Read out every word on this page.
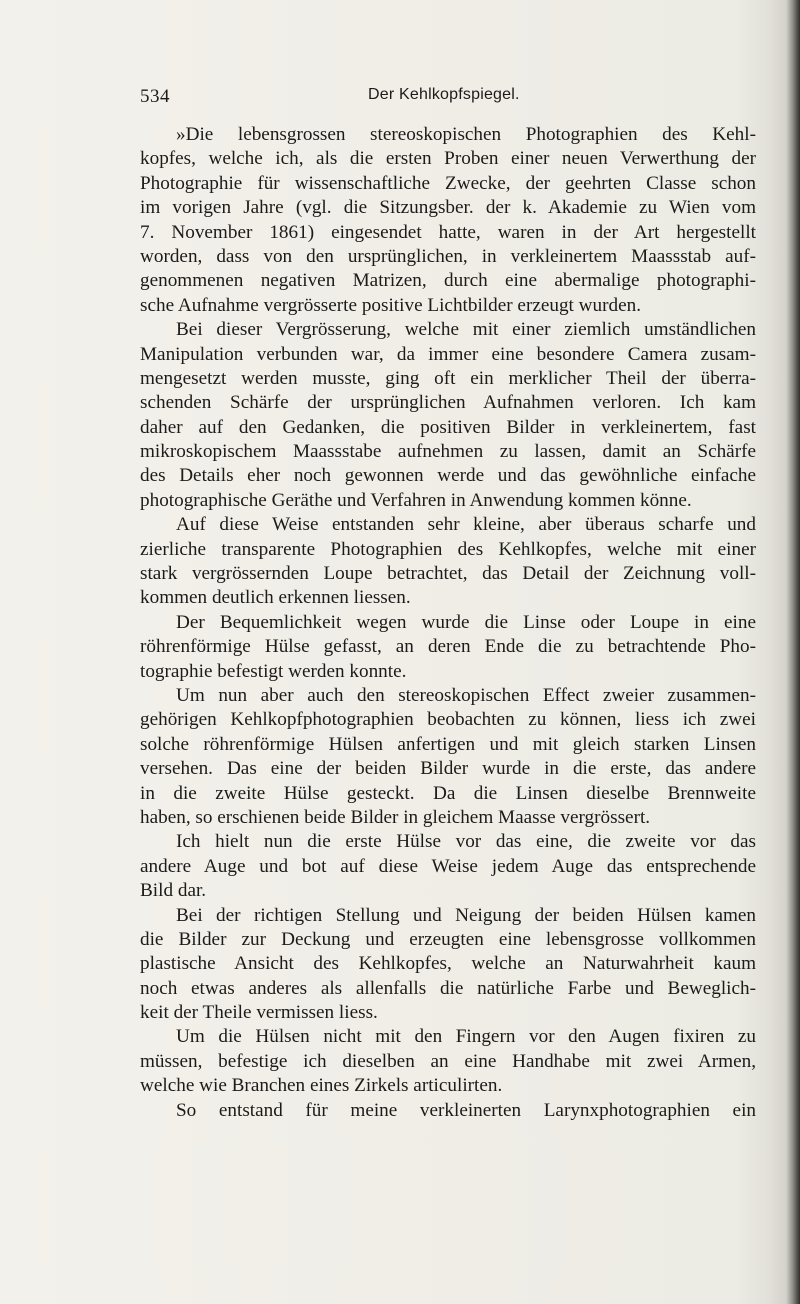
534	Der Kehlkopfspiegel.
»Die lebensgrossen stereoskopischen Photographien des Kehl-
kopfes, welche ich, als die ersten Proben einer neuen Verwerthung der
Photographie für wissenschaftliche Zwecke, der geehrten Classe schon
im vorigen Jahre (vgl. die Sitzungsber. der k. Akademie zu Wien vom
7. November 1861) eingesendet hatte, waren in der Art hergestellt
worden, dass von den ursprünglichen, in verkleinertem Maassstab auf-
genommenen negativen Matrizen, durch eine abermalige photographi-
sche Aufnahme vergrösserte positive Lichtbilder erzeugt wurden.
Bei dieser Vergrösserung, welche mit einer ziemlich umständlichen
Manipulation verbunden war, da immer eine besondere Camera zusam-
mengesetzt werden musste, ging oft ein merklicher Theil der überra-
schenden Schärfe der ursprünglichen Aufnahmen verloren. Ich kam
daher auf den Gedanken, die positiven Bilder in verkleinertem, fast
mikroskopischem Maassstabe aufnehmen zu lassen, damit an Schärfe
des Details eher noch gewonnen werde und das gewöhnliche einfache
photographische Geräthe und Verfahren in Anwendung kommen könne.
Auf diese Weise entstanden sehr kleine, aber überaus scharfe und
zierliche transparente Photographien des Kehlkopfes, welche mit einer
stark vergrössernden Loupe betrachtet, das Detail der Zeichnung voll-
kommen deutlich erkennen liessen.
Der Bequemlichkeit wegen wurde die Linse oder Loupe in eine
röhrenförmige Hülse gefasst, an deren Ende die zu betrachtende Pho-
tographie befestigt werden konnte.
Um nun aber auch den stereoskopischen Effect zweier zusammen-
gehörigen Kehlkopfphotographien beobachten zu können, liess ich zwei
solche röhrenförmige Hülsen anfertigen und mit gleich starken Linsen
versehen. Das eine der beiden Bilder wurde in die erste, das andere
in die zweite Hülse gesteckt. Da die Linsen dieselbe Brennweite
haben, so erschienen beide Bilder in gleichem Maasse vergrössert.
Ich hielt nun die erste Hülse vor das eine, die zweite vor das
andere Auge und bot auf diese Weise jedem Auge das entsprechende
Bild dar.
Bei der richtigen Stellung und Neigung der beiden Hülsen kamen
die Bilder zur Deckung und erzeugten eine lebensgrosse vollkommen
plastische Ansicht des Kehlkopfes, welche an Naturwahrheit kaum
noch etwas anderes als allenfalls die natürliche Farbe und Beweglich-
keit der Theile vermissen liess.
Um die Hülsen nicht mit den Fingern vor den Augen fixiren zu
müssen, befestige ich dieselben an eine Handhabe mit zwei Armen,
welche wie Branchen eines Zirkels articulirten.
So entstand für meine verkleinerten Larynxphotographien ein
